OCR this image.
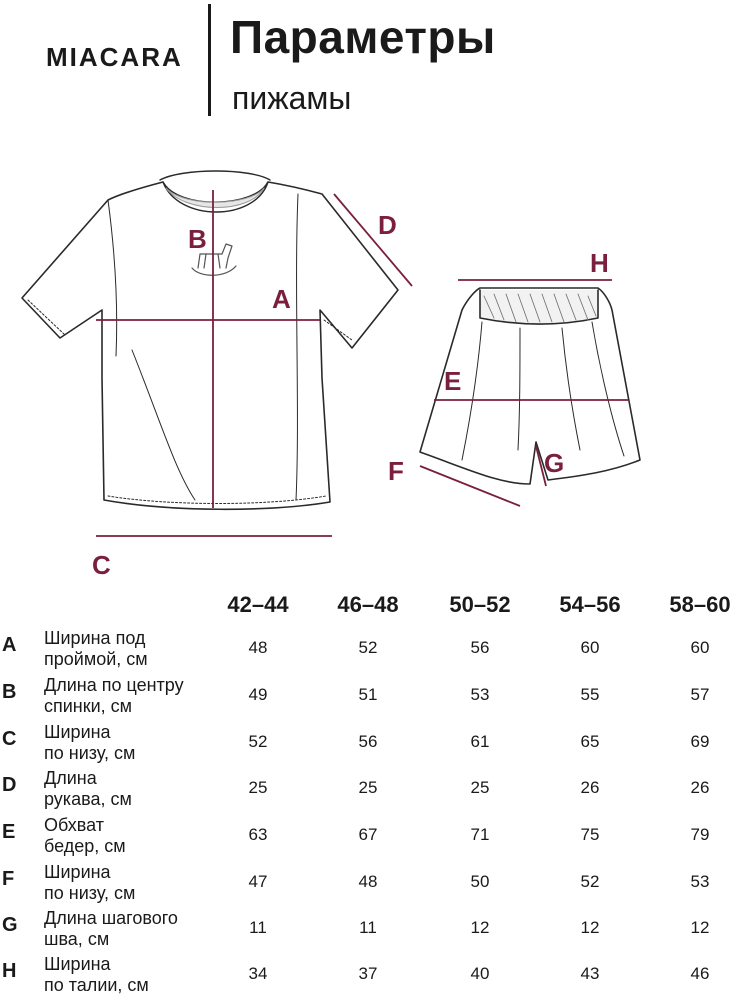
MIACARA Параметры
пижамы
B
A
C
D
H
E
F	G
42–44	46–48	50–52	54–56	58–60
A Ширина под
проймой, см
48	52	56	60	60
B Длина по центру
спинки, см
49	51	53	55	57
C Ширина
по низу, см
52	56	61	65	69
D Длина
рукава, см
25	25	25	26	26
E Обхват
бедер, см
63	67	71	75	79
F Ширина
по низу, см
47	48	50	52	53
G Длина шагового
шва, см
11	11	12	12	12
H Ширина
по талии, см
34	37	40	43	46
